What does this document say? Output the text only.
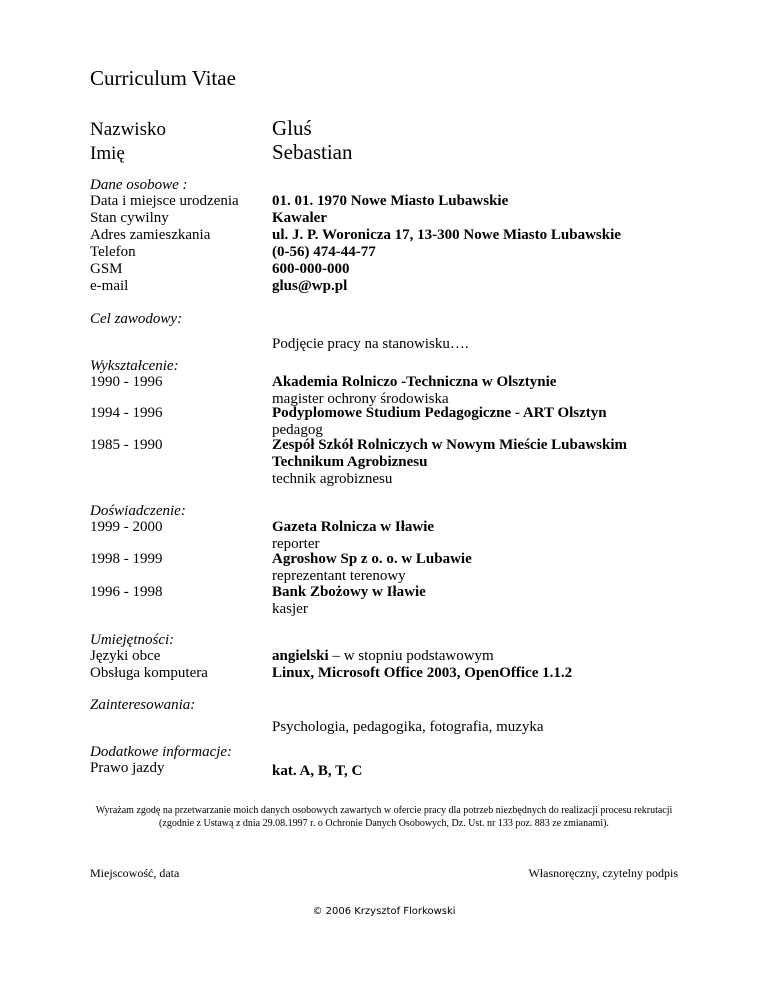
Curriculum Vitae
Nazwisko	Gluś
Imię	Sebastian
Dane osobowe :
Data i miejsce urodzenia 01. 01. 1970 Nowe Miasto Lubawskie
Stan cywilny	Kawaler
Adres zamieszkania	ul. J. P. Woronicza 17, 13-300 Nowe Miasto Lubawskie
Telefon	(0-56) 474-44-77
GSM	600-000-000
e-mail	glus@wp.pl
Cel zawodowy:
Podjęcie pracy na stanowisku….
Wykształcenie:
1990 - 1996	Akademia Rolniczo -Techniczna w Olsztynie
magister ochrony środowiska
1994 - 1996	Podyplomowe Studium Pedagogiczne - ART Olsztyn
pedagog
1985 - 1990	Zespół Szkół Rolniczych w Nowym Mieście Lubawskim
Technikum Agrobiznesu
technik agrobiznesu
Doświadczenie:
1999 - 2000	Gazeta Rolnicza w Iławie
reporter
1998 - 1999	Agroshow Sp z o. o. w Lubawie
reprezentant terenowy
1996 - 1998	Bank Zbożowy w Iławie
kasjer
Umiejętności:
Języki obce	angielski – w stopniu podstawowym
Obsługa komputera	Linux, Microsoft Office 2003, OpenOffice 1.1.2
Zainteresowania:
Psychologia, pedagogika, fotografia, muzyka
Dodatkowe informacje:
Prawo jazdy	kat. A, B, T, C
Wyrażam zgodę na przetwarzanie moich danych osobowych zawartych w ofercie pracy dla potrzeb niezbędnych do realizacji procesu rekrutacji
(zgodnie z Ustawą z dnia 29.08.1997 r. o Ochronie Danych Osobowych, Dz. Ust. nr 133 poz. 883 ze zmianami).
Miejscowość, data	Własnoręczny, czytelny podpis
© 2006 Krzysztof Florkowski
